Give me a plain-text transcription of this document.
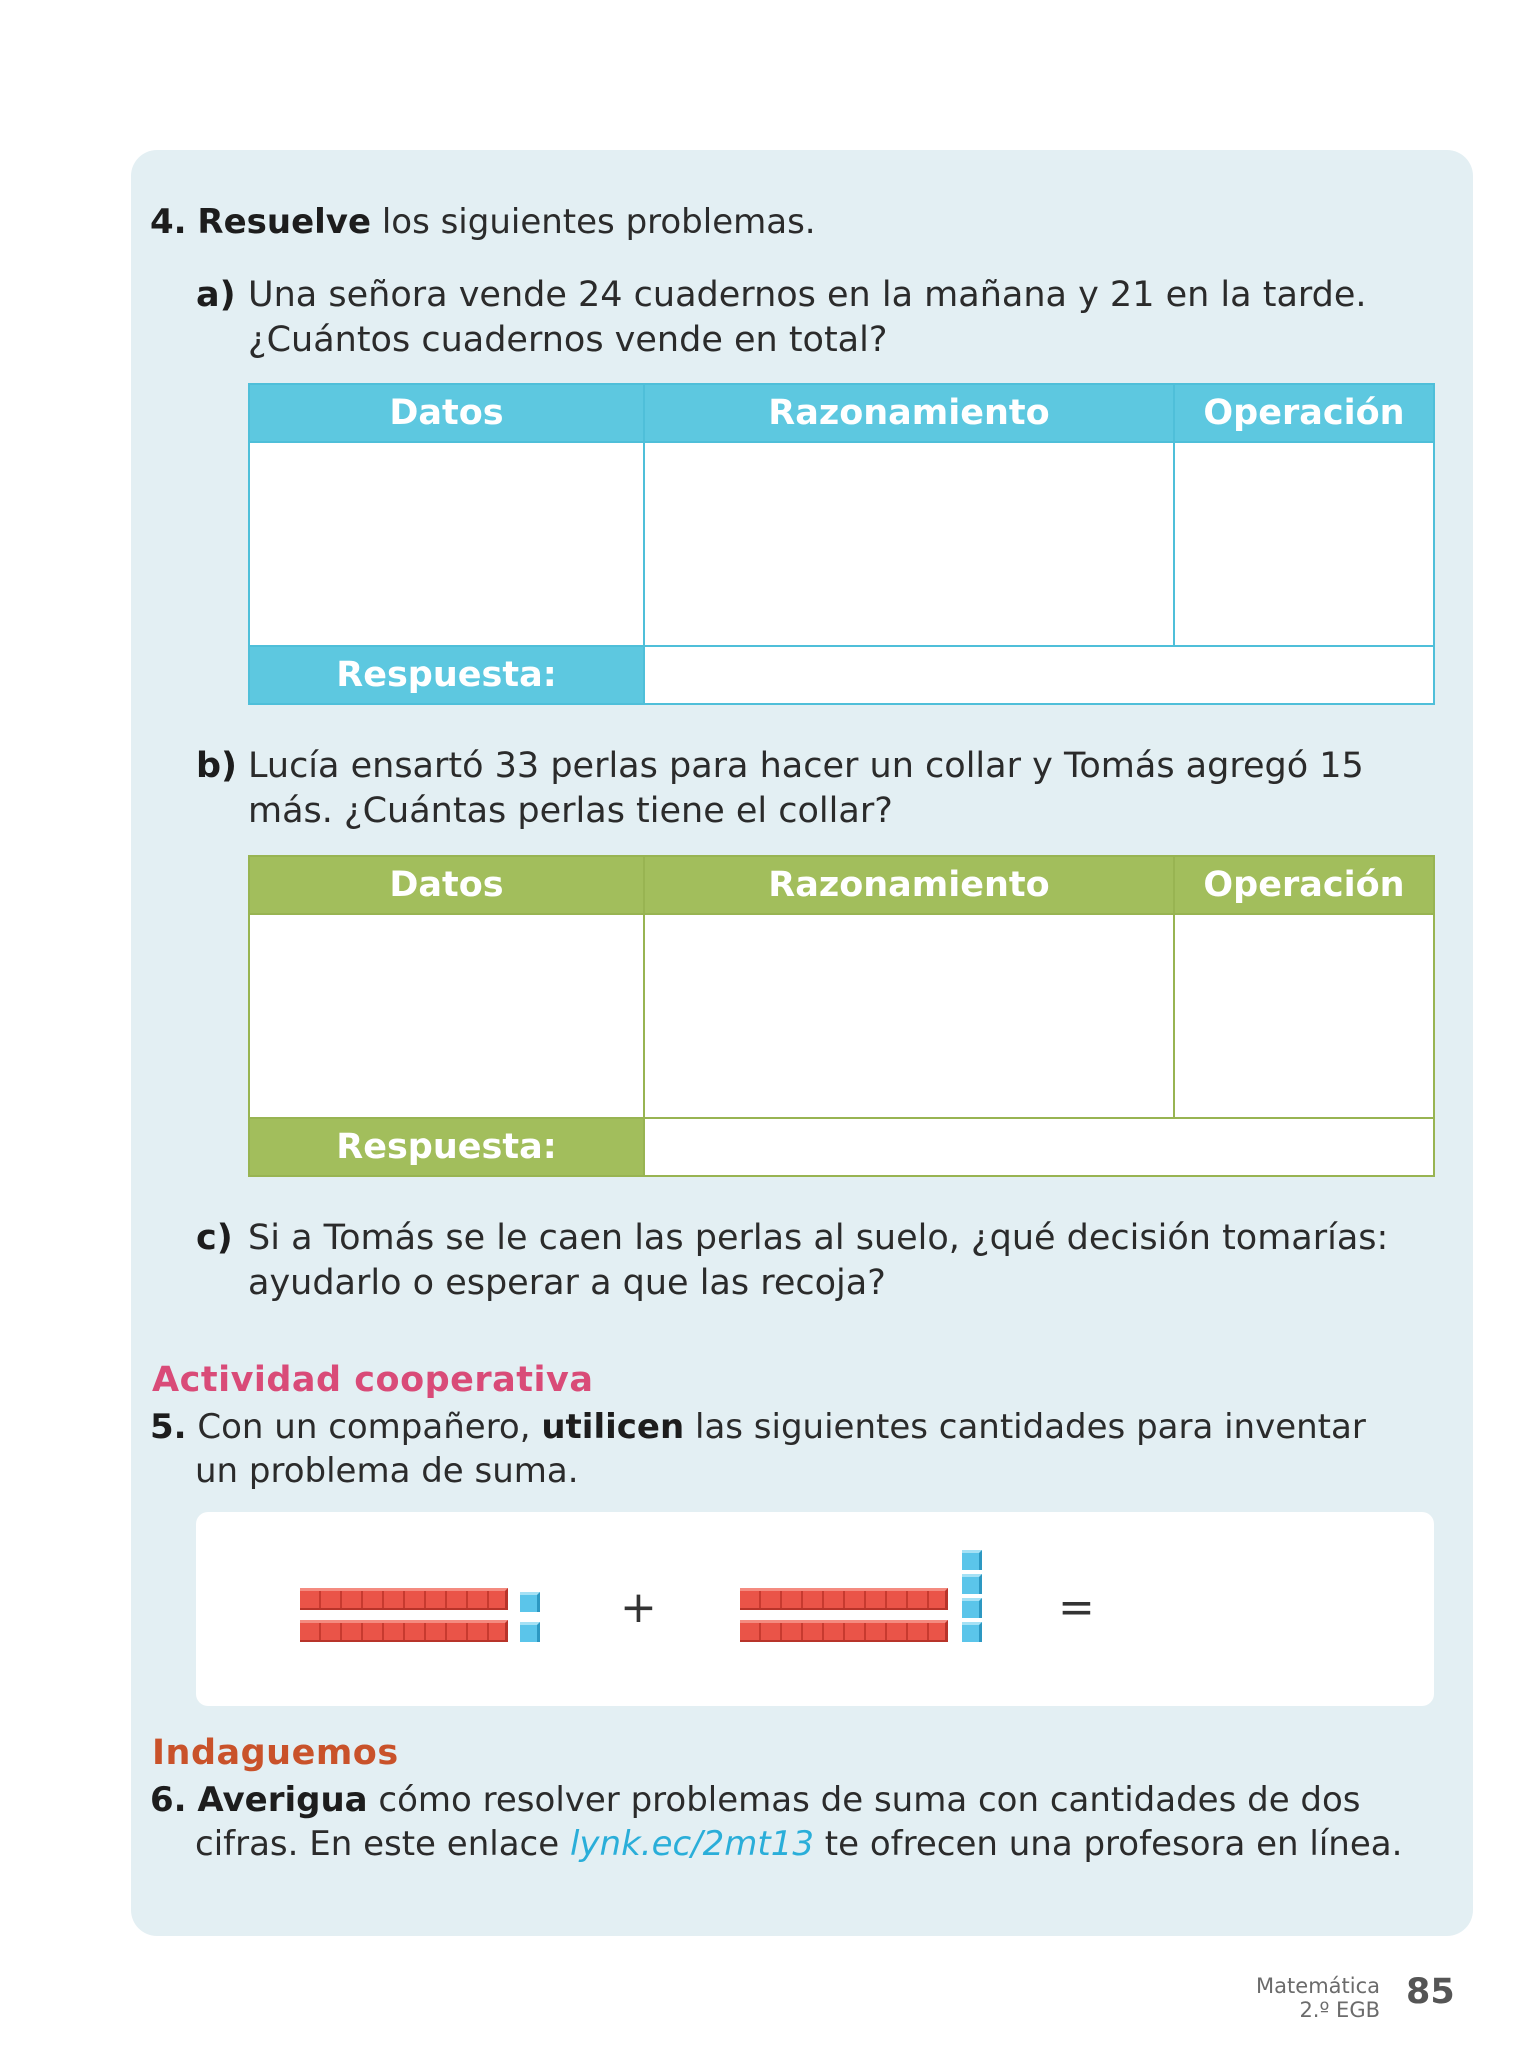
4. Resuelve los siguientes problemas.
a) Una señora vende 24 cuadernos en la mañana y 21 en la tarde.
¿Cuántos cuadernos vende en total?
Datos	Razonamiento	Operación

Respuesta:		
b) Lucía ensartó 33 perlas para hacer un collar y Tomás agregó 15
más. ¿Cuántas perlas tiene el collar?
Datos	Razonamiento	Operación

Respuesta:		
c) Si a Tomás se le caen las perlas al suelo, ¿qué decisión tomarías:
ayudarlo o esperar a que las recoja?
Actividad cooperativa
5. Con un compañero, utilicen las siguientes cantidades para inventar
un problema de suma.
+	=
Indaguemos
6. Averigua cómo resolver problemas de suma con cantidades de dos
cifras. En este enlace lynk.ec/2mt13 te ofrecen una profesora en línea.
Matemática
2.º EGB 85
